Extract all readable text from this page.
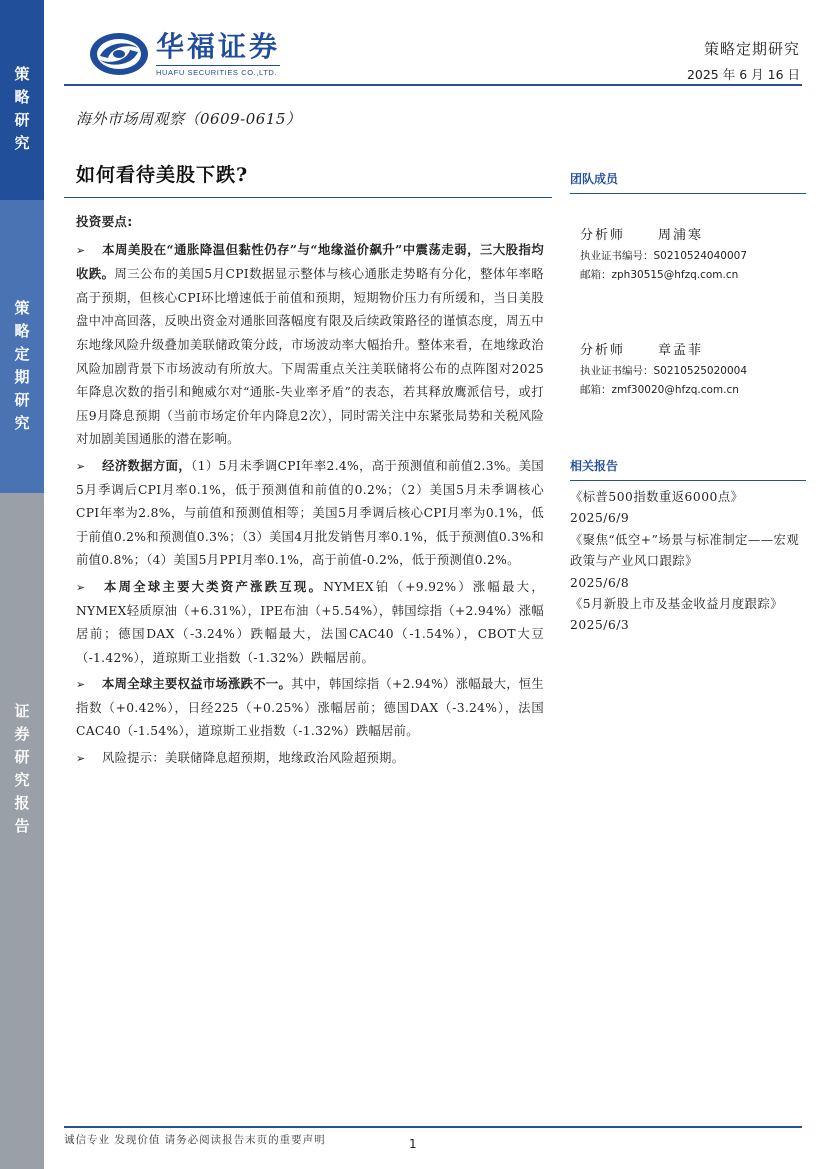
策略研究
策略定期研究
证券研究报告
华福证券
HUAFU SECURITIES CO.,LTD.
策略定期研究
2025 年 6 月 16 日
海外市场周观察（0609-0615）
如何看待美股下跌?
投资要点:
➢ 本周美股在“通胀降温但黏性仍存”与“地缘溢价飙升”中震荡走弱，三大股指均收跌。周三公布的美国5月CPI数据显示整体与核心通胀走势略有分化，整体年率略高于预期，但核心CPI环比增速低于前值和预期，短期物价压力有所缓和，当日美股盘中冲高回落，反映出资金对通胀回落幅度有限及后续政策路径的谨慎态度，周五中东地缘风险升级叠加美联储政策分歧，市场波动率大幅抬升。整体来看，在地缘政治风险加剧背景下市场波动有所放大。下周需重点关注美联储将公布的点阵图对2025年降息次数的指引和鲍威尔对“通胀-失业率矛盾”的表态，若其释放鹰派信号，或打压9月降息预期（当前市场定价年内降息2次），同时需关注中东紧张局势和关税风险对加剧美国通胀的潜在影响。
➢ 经济数据方面，（1）5月未季调CPI年率2.4%，高于预测值和前值2.3%。美国5月季调后CPI月率0.1%，低于预测值和前值的0.2%；（2）美国5月未季调核心CPI年率为2.8%，与前值和预测值相等；美国5月季调后核心CPI月率为0.1%，低于前值0.2%和预测值0.3%；（3）美国4月批发销售月率0.1%，低于预测值0.3%和前值0.8%；（4）美国5月PPI月率0.1%，高于前值-0.2%，低于预测值0.2%。
➢ 本周全球主要大类资产涨跌互现。NYMEX铂（+9.92%）涨幅最大，NYMEX轻质原油（+6.31%），IPE布油（+5.54%），韩国综指（+2.94%）涨幅居前；德国DAX（-3.24%）跌幅最大，法国CAC40（-1.54%），CBOT大豆（-1.42%），道琼斯工业指数（-1.32%）跌幅居前。
➢ 本周全球主要权益市场涨跌不一。其中，韩国综指（+2.94%）涨幅最大，恒生指数（+0.42%），日经225（+0.25%）涨幅居前；德国DAX（-3.24%），法国CAC40（-1.54%），道琼斯工业指数（-1.32%）跌幅居前。
➢ 风险提示：美联储降息超预期，地缘政治风险超预期。
团队成员
分析师	周浦寒
执业证书编号：S0210524040007
邮箱：zph30515@hfzq.com.cn
分析师	章孟菲
执业证书编号：S0210525020004
邮箱：zmf30020@hfzq.com.cn
相关报告
《标普500指数重返6000点》
2025/6/9
《聚焦“低空+”场景与标准制定——宏观政策与产业风口跟踪》
2025/6/8
《5月新股上市及基金收益月度跟踪》
2025/6/3
诚信专业 发现价值 请务必阅读报告末页的重要声明	1
